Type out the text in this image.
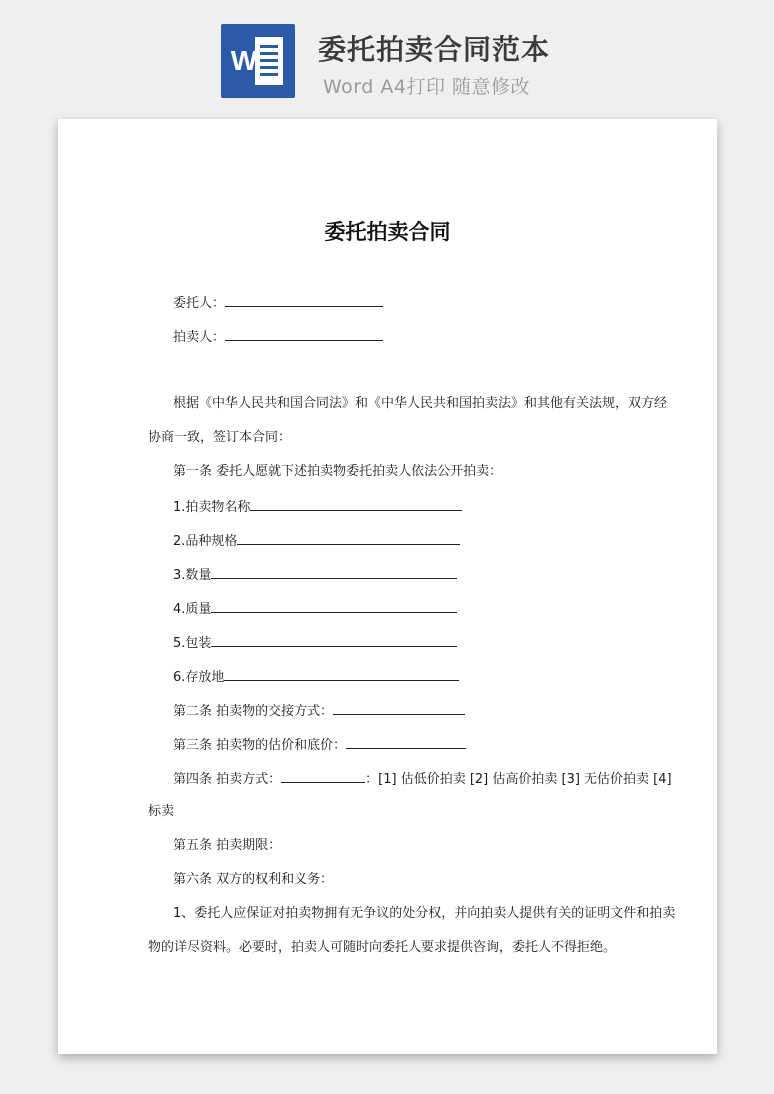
W 委托拍卖合同范本
Word A4打印 随意修改
委托拍卖合同
委托人：
拍卖人：
根据《中华人民共和国合同法》和《中华人民共和国拍卖法》和其他有关法规，双方经
协商一致，签订本合同：
第一条 委托人愿就下述拍卖物委托拍卖人依法公开拍卖：
1.拍卖物名称
2.品种规格
3.数量
4.质量
5.包装
6.存放地
第二条 拍卖物的交接方式：
第三条 拍卖物的估价和底价：
第四条 拍卖方式：	：[1] 估低价拍卖 [2] 估高价拍卖 [3] 无估价拍卖 [4]
标卖
第五条 拍卖期限：
第六条 双方的权利和义务：
1、委托人应保证对拍卖物拥有无争议的处分权，并向拍卖人提供有关的证明文件和拍卖
物的详尽资料。必要时，拍卖人可随时向委托人要求提供咨询，委托人不得拒绝。
